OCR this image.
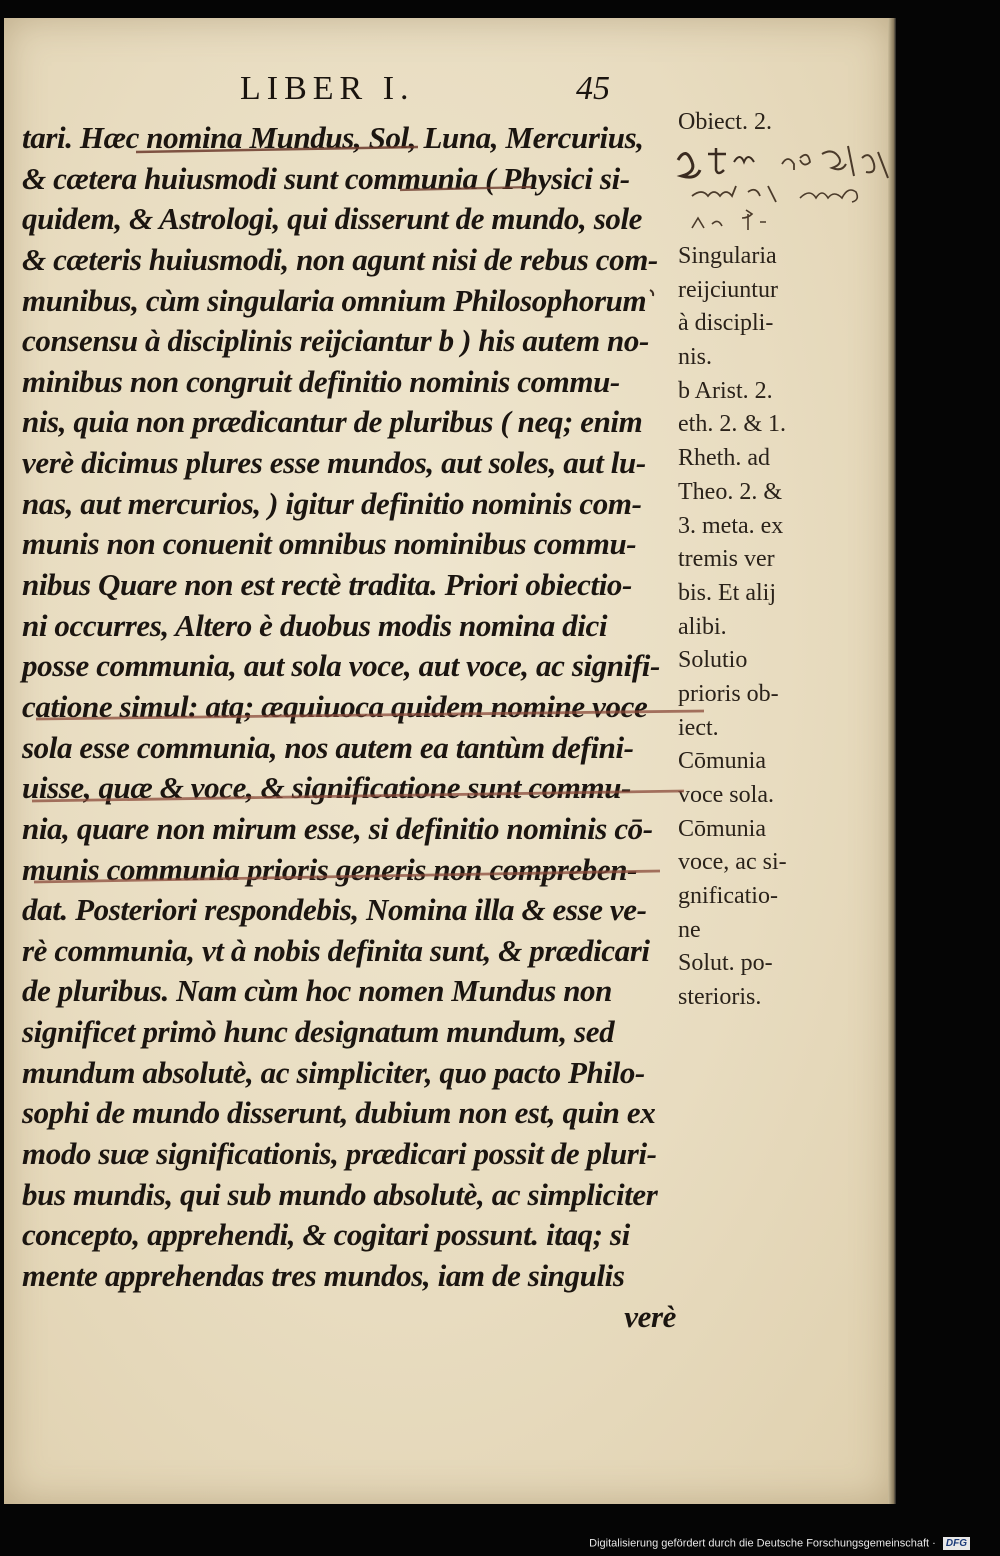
LIBER I.	45
tari. Hæc nomina Mundus, Sol, Luna, Mercurius,
& cætera huiusmodi sunt communia ( Physici si-
quidem, & Astrologi, qui disserunt de mundo, sole
& cæteris huiusmodi, non agunt nisi de rebus com-
munibus, cùm singularia omnium Philosophorum
consensu à disciplinis reijciantur b ) his autem no-
minibus non congruit definitio nominis commu-
nis, quia non prædicantur de pluribus ( neq; enim
verè dicimus plures esse mundos, aut soles, aut lu-
nas, aut mercurios, ) igitur definitio nominis com-
munis non conuenit omnibus nominibus commu-
nibus Quare non est rectè tradita. Priori obiectio-
ni occurres, Altero è duobus modis nomina dici
posse communia, aut sola voce, aut voce, ac signifi-
catione simul: atq; æquiuoca quidem nomine voce
sola esse communia, nos autem ea tantùm defini-
uisse, quæ & voce, & significatione sunt commu-
nia, quare non mirum esse, si definitio nominis cō-
munis communia prioris generis non compreben-
dat. Posteriori respondebis, Nomina illa & esse ve-
rè communia, vt à nobis definita sunt, & prædicari
de pluribus. Nam cùm hoc nomen Mundus non
significet primò hunc designatum mundum, sed
mundum absolutè, ac simpliciter, quo pacto Philo-
sophi de mundo disserunt, dubium non est, quin ex
modo suæ significationis, prædicari possit de pluri-
bus mundis, qui sub mundo absolutè, ac simpliciter
concepto, apprehendi, & cogitari possunt. itaq; si
mente apprehendas tres mundos, iam de singulis
verè
Obiect. 2.
Singularia
reijciuntur
à discipli-
nis.
b Arist. 2.
eth. 2. & 1.
Rheth. ad
Theo. 2. &
3. meta. ex
tremis ver
bis. Et alij
alibi.
Solutio
prioris ob-
iect.
Cōmunia
voce sola.
Cōmunia
voce, ac si-
gnificatio-
ne
Solut. po-
sterioris.
Digitalisierung gefördert durch die Deutsche Forschungsgemeinschaft · DFG
